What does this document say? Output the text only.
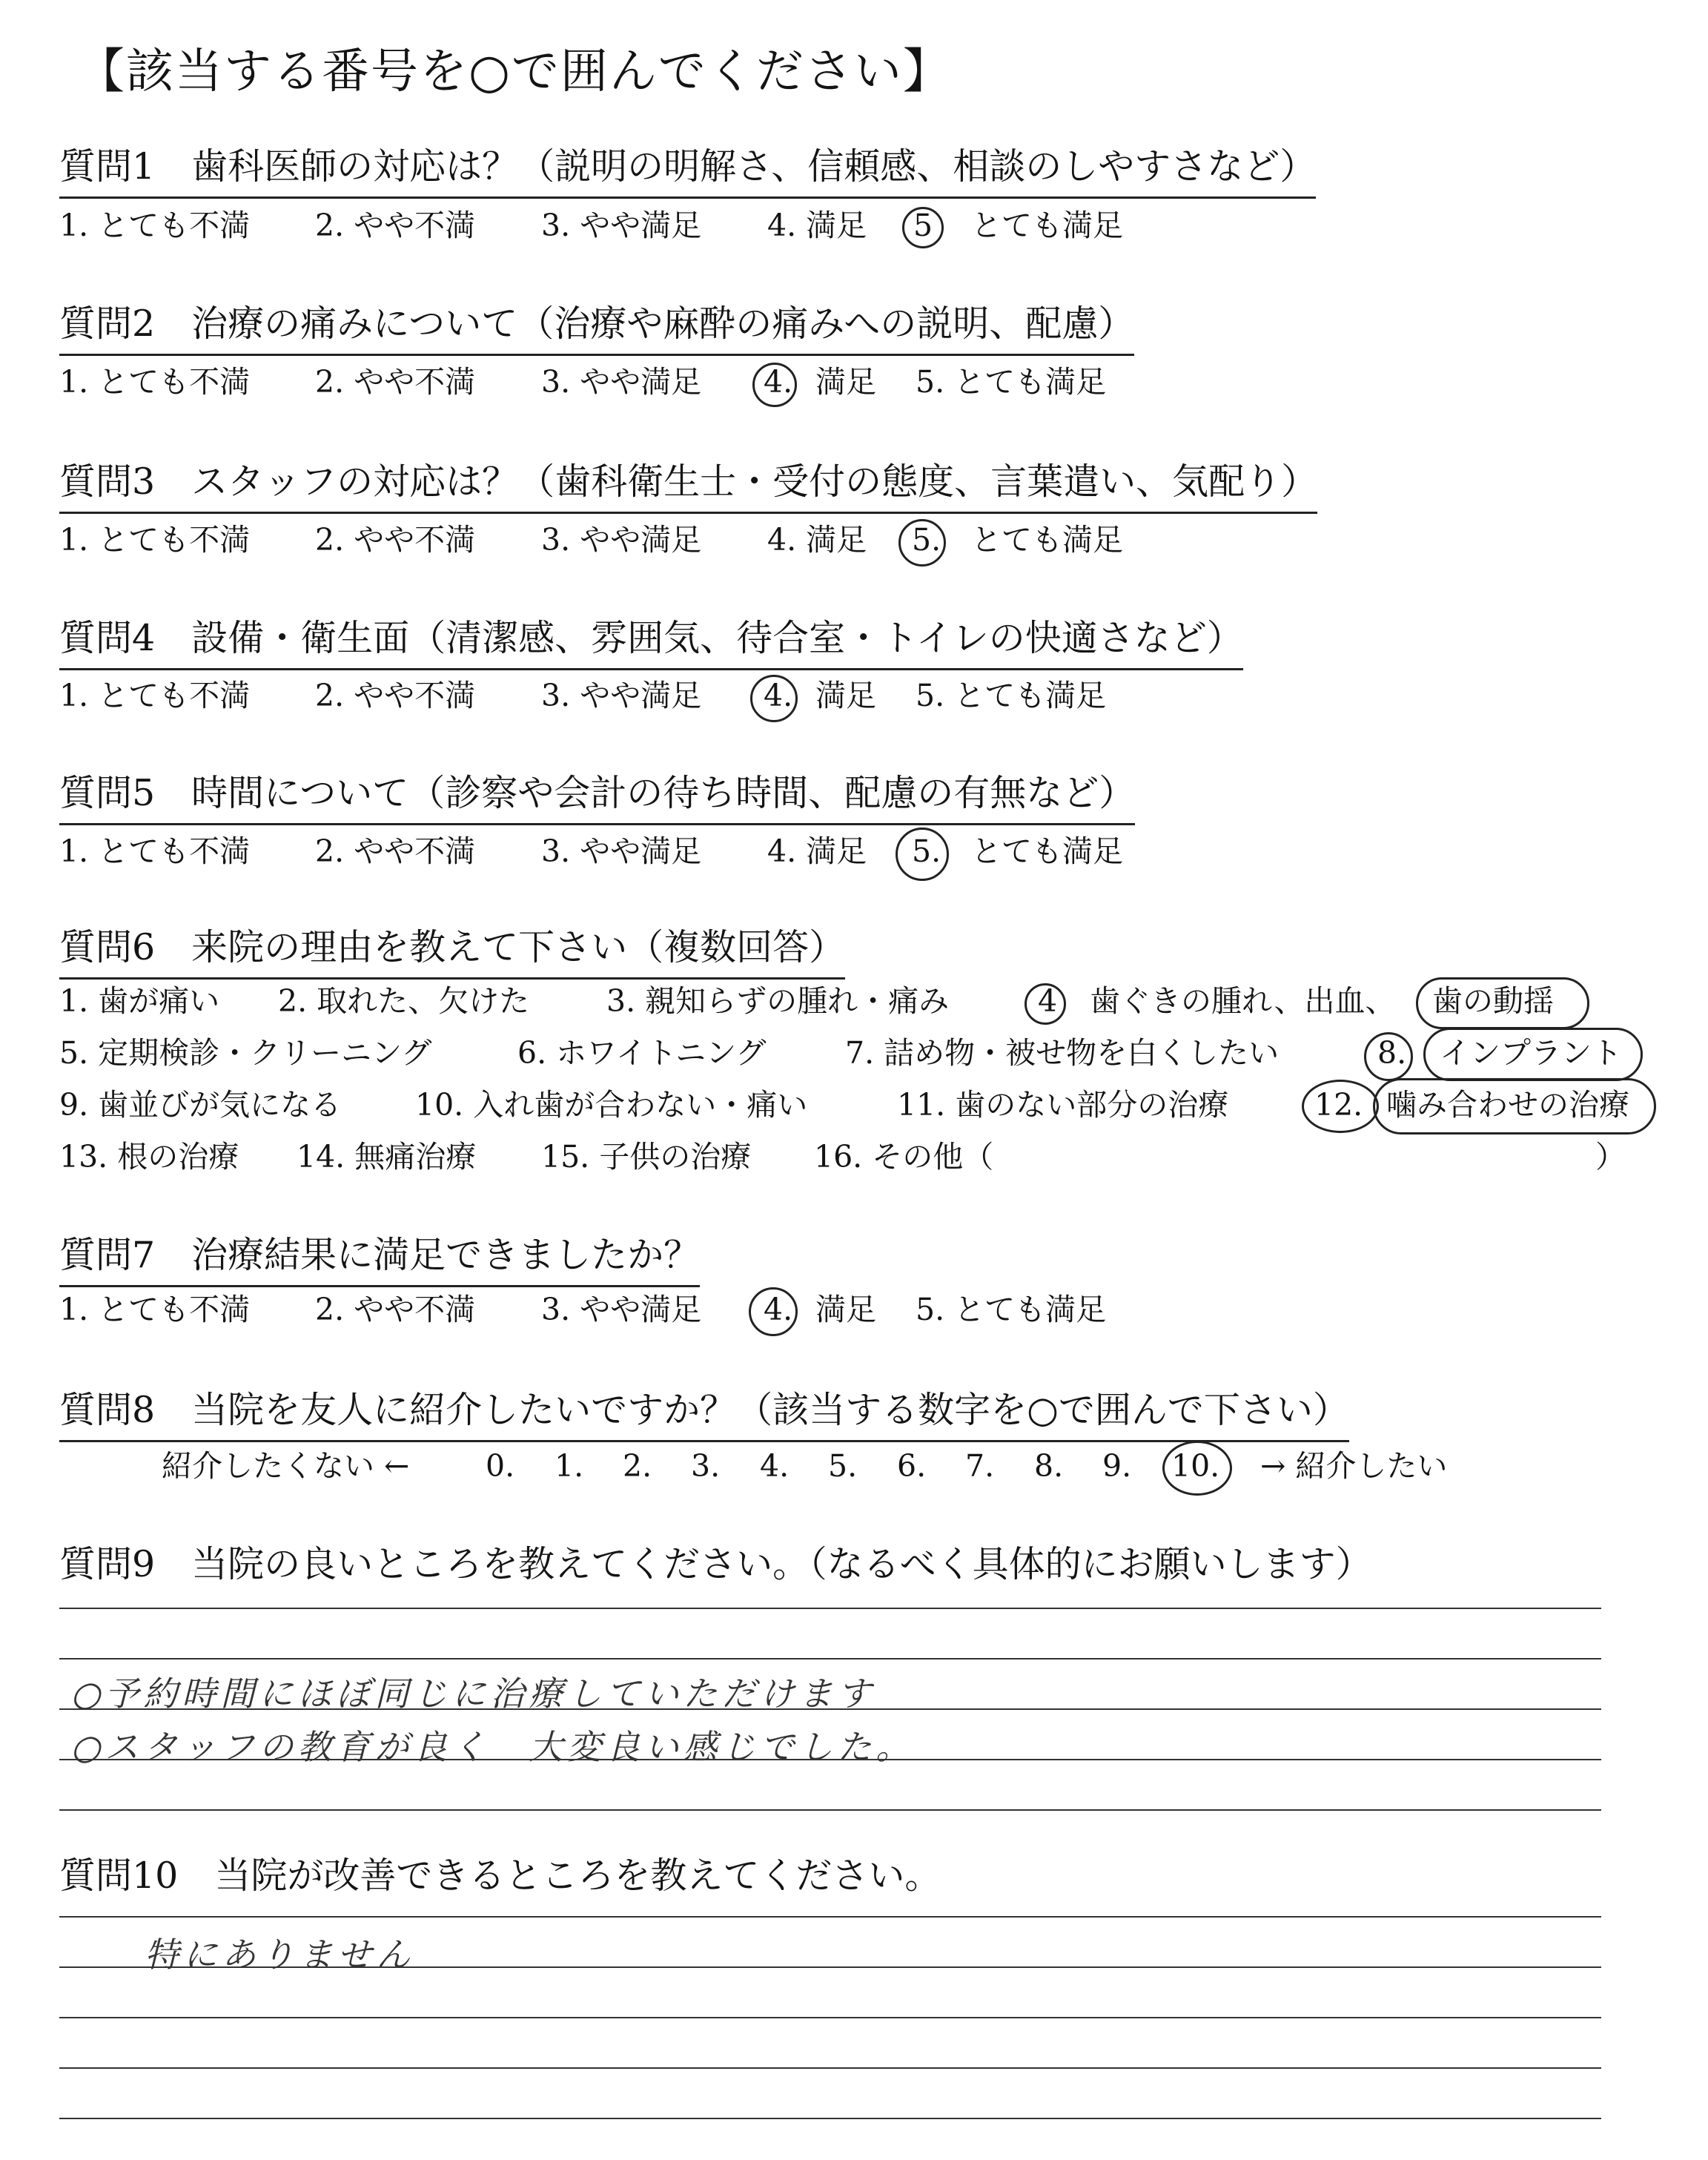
【該当する番号を○で囲んでください】
質問1　歯科医師の対応は？（説明の明解さ、信頼感、相談のしやすさなど）
1. とても不満 2. やや不満 3. やや満足 4. 満足 5 とても満足
質問2　治療の痛みについて（治療や麻酔の痛みへの説明、配慮）
1. とても不満 2. やや不満 3. やや満足 4. 満足 5. とても満足
質問3　スタッフの対応は？（歯科衛生士・受付の態度、言葉遣い、気配り）
1. とても不満 2. やや不満 3. やや満足 4. 満足 5. とても満足
質問4　設備・衛生面（清潔感、雰囲気、待合室・トイレの快適さなど）
1. とても不満 2. やや不満 3. やや満足 4. 満足 5. とても満足
質問5　時間について（診察や会計の待ち時間、配慮の有無など）
1. とても不満 2. やや不満 3. やや満足 4. 満足 5. とても満足
質問6　来院の理由を教えて下さい（複数回答）
1. 歯が痛い 2. 取れた、欠けた	3. 親知らずの腫れ・痛み	4 歯ぐきの腫れ、出血、 歯の動揺
5. 定期検診・クリーニング	6. ホワイトニング	7. 詰め物・被せ物を白くしたい	8. インプラント
9. 歯並びが気になる 10. 入れ歯が合わない・痛い	11. 歯のない部分の治療	12. 噛み合わせの治療
13. 根の治療 14. 無痛治療 15. 子供の治療 16. その他（	）
質問7　治療結果に満足できましたか？
1. とても不満 2. やや不満 3. やや満足 4. 満足 5. とても満足
質問8　当院を友人に紹介したいですか？（該当する数字を○で囲んで下さい）
紹介したくない ←	0. 1. 2. 3. 4. 5. 6. 7. 8. 9. 10. → 紹介したい
質問9　当院の良いところを教えてください。（なるべく具体的にお願いします）
○予約時間にほぼ同じに治療していただけます
○スタッフの教育が良く　大変良い感じでした。
質問10　当院が改善できるところを教えてください。
特にありません
